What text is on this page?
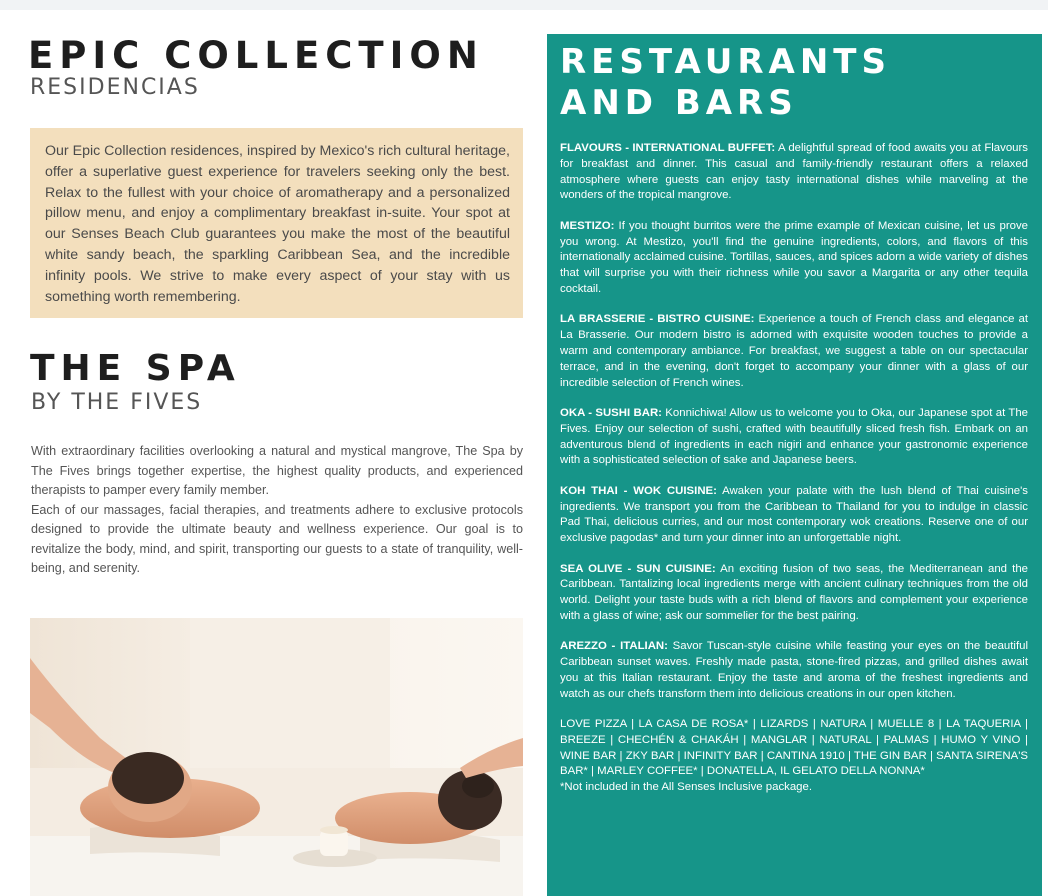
EPIC COLLECTION
RESIDENCIAS

Our Epic Collection residences, inspired by Mexico's rich cultural heritage, offer a superlative guest experience for travelers seeking only the best. Relax to the fullest with your choice of aromatherapy and a personalized pillow menu, and enjoy a complimentary breakfast in-suite. Your spot at our Senses Beach Club guarantees you make the most of the beautiful white sandy beach, the sparkling Caribbean Sea, and the incredible infinity pools. We strive to make every aspect of your stay with us something worth remembering.

THE SPA
BY THE FIVES

With extraordinary facilities overlooking a natural and mystical mangrove, The Spa by The Fives brings together expertise, the highest quality products, and experienced therapists to pamper every family member.

Each of our massages, facial therapies, and treatments adhere to exclusive protocols designed to provide the ultimate beauty and wellness experience. Our goal is to revitalize the body, mind, and spirit, transporting our guests to a state of tranquility, well-being, and serenity.

RESTAURANTS
AND BARS

FLAVOURS - INTERNATIONAL BUFFET: A delightful spread of food awaits you at Flavours for breakfast and dinner. This casual and family-friendly restaurant offers a relaxed atmosphere where guests can enjoy tasty international dishes while marveling at the wonders of the tropical mangrove.

MESTIZO: If you thought burritos were the prime example of Mexican cuisine, let us prove you wrong. At Mestizo, you'll find the genuine ingredients, colors, and flavors of this internationally acclaimed cuisine. Tortillas, sauces, and spices adorn a wide variety of dishes that will surprise you with their richness while you savor a Margarita or any other tequila cocktail.

LA BRASSERIE - BISTRO CUISINE: Experience a touch of French class and elegance at La Brasserie. Our modern bistro is adorned with exquisite wooden touches to provide a warm and contemporary ambiance. For breakfast, we suggest a table on our spectacular terrace, and in the evening, don't forget to accompany your dinner with a glass of our incredible selection of French wines.

OKA - SUSHI BAR: Konnichiwa! Allow us to welcome you to Oka, our Japanese spot at The Fives. Enjoy our selection of sushi, crafted with beautifully sliced fresh fish. Embark on an adventurous blend of ingredients in each nigiri and enhance your gastronomic experience with a sophisticated selection of sake and Japanese beers.

KOH THAI - WOK CUISINE: Awaken your palate with the lush blend of Thai cuisine's ingredients. We transport you from the Caribbean to Thailand for you to indulge in classic Pad Thai, delicious curries, and our most contemporary wok creations. Reserve one of our exclusive pagodas* and turn your dinner into an unforgettable night.

SEA OLIVE - SUN CUISINE: An exciting fusion of two seas, the Mediterranean and the Caribbean. Tantalizing local ingredients merge with ancient culinary techniques from the old world. Delight your taste buds with a rich blend of flavors and complement your experience with a glass of wine; ask our sommelier for the best pairing.

AREZZO - ITALIAN: Savor Tuscan-style cuisine while feasting your eyes on the beautiful Caribbean sunset waves. Freshly made pasta, stone-fired pizzas, and grilled dishes await you at this Italian restaurant. Enjoy the taste and aroma of the freshest ingredients and watch as our chefs transform them into delicious creations in our open kitchen.

LOVE PIZZA | LA CASA DE ROSA* | LIZARDS | NATURA | MUELLE 8 | LA TAQUERIA | BREEZE | CHECHÉN & CHAKÁH | MANGLAR | NATURAL | PALMAS | HUMO Y VINO | WINE BAR | ZKY BAR | INFINITY BAR | CANTINA 1910 | THE GIN BAR | SANTA SIRENA'S BAR* | MARLEY COFFEE* | DONATELLA, IL GELATO DELLA NONNA*

*Not included in the All Senses Inclusive package.
